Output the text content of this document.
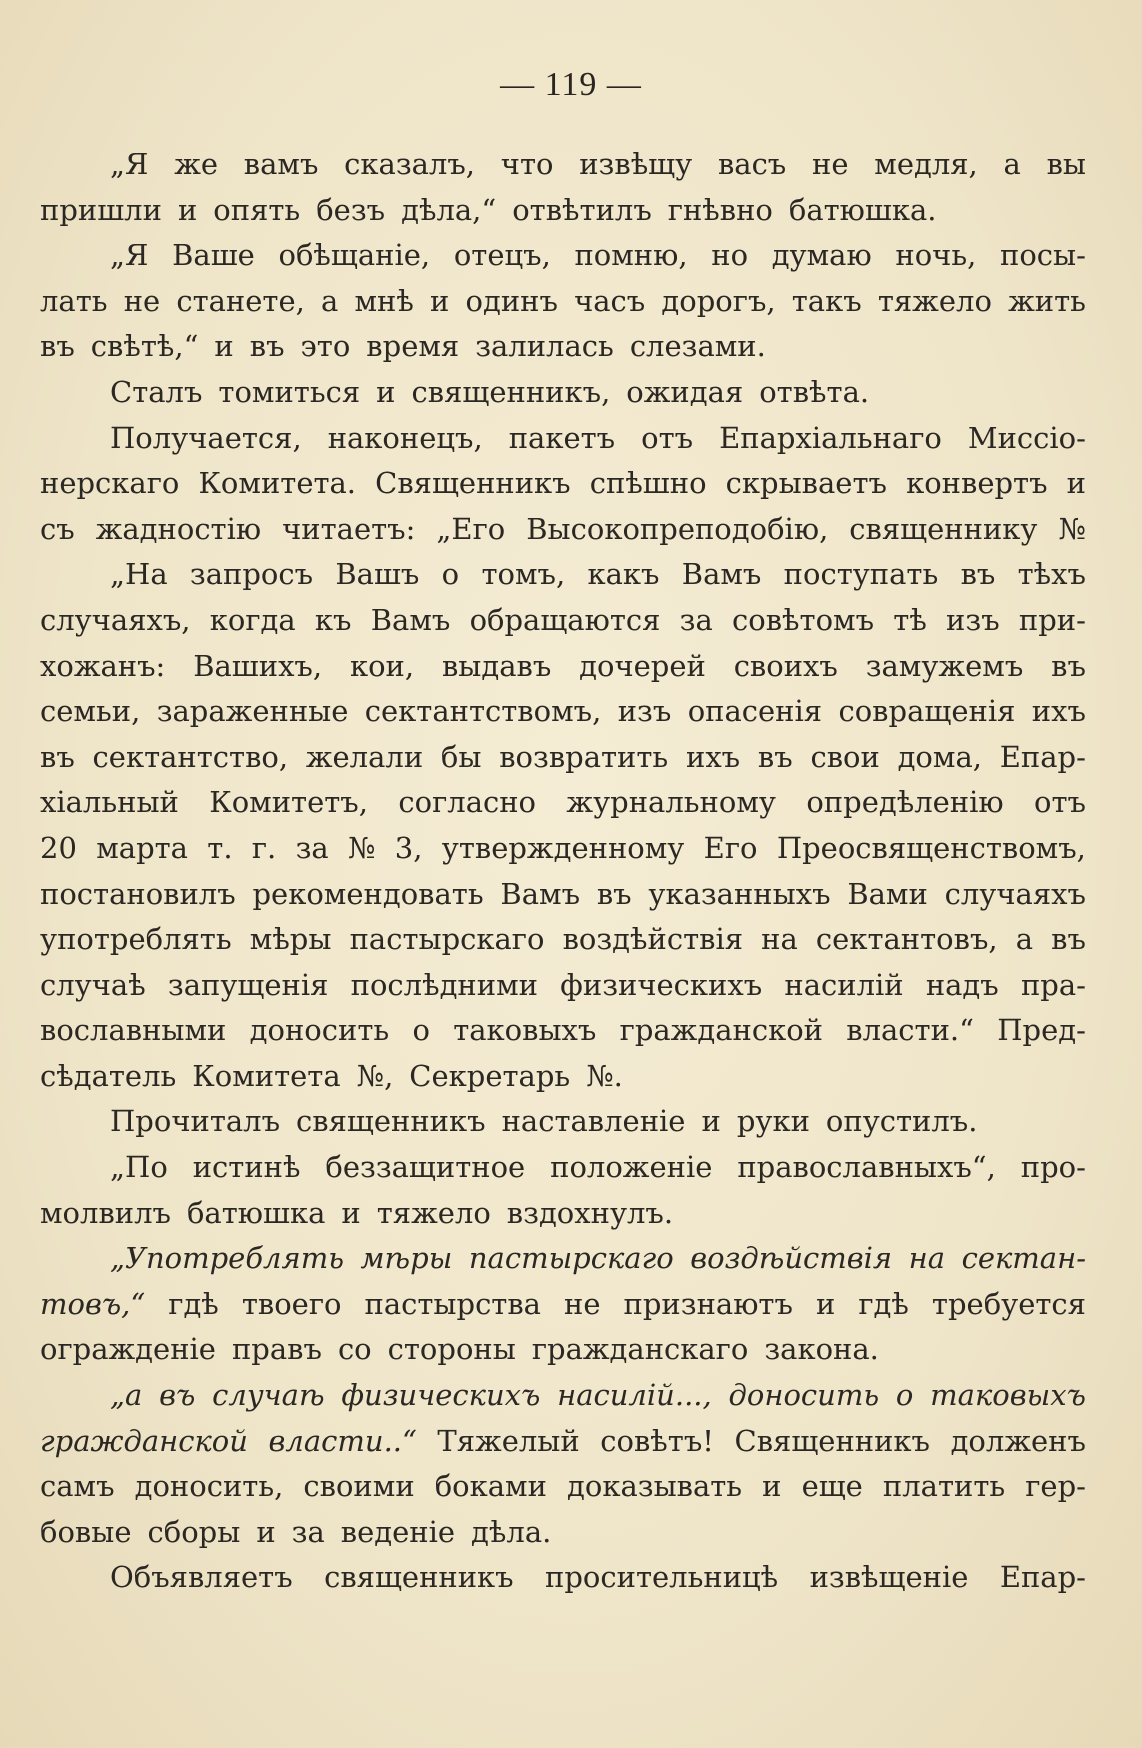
— 119 —
„Я же вамъ сказалъ, что извѣщу васъ не медля, а вы
пришли и опять безъ дѣла,“ отвѣтилъ гнѣвно батюшка.
„Я Ваше обѣщаніе, отецъ, помню, но думаю ночь, посы-
лать не станете, а мнѣ и одинъ часъ дорогъ, такъ тяжело жить
въ свѣтѣ,“ и въ это время залилась слезами.
Сталъ томиться и священникъ, ожидая отвѣта.
Получается, наконецъ, пакетъ отъ Епархіальнаго Миссіо-
нерскаго Комитета. Священникъ спѣшно скрываетъ конвертъ и
съ жадностію читаетъ: „Его Высокопреподобію, священнику №
„На запросъ Вашъ о томъ, какъ Вамъ поступать въ тѣхъ
случаяхъ, когда къ Вамъ обращаются за совѣтомъ тѣ изъ при-
хожанъ: Вашихъ, кои, выдавъ дочерей своихъ замужемъ въ
семьи, зараженные сектантствомъ, изъ опасенія совращенія ихъ
въ сектантство, желали бы возвратить ихъ въ свои дома, Епар-
хіальный Комитетъ, согласно журнальному опредѣленію отъ
20 марта т. г. за № 3, утвержденному Его Преосвященствомъ,
постановилъ рекомендовать Вамъ въ указанныхъ Вами случаяхъ
употреблять мѣры пастырскаго воздѣйствія на сектантовъ, а въ
случаѣ запущенія послѣдними физическихъ насилій надъ пра-
вославными доносить о таковыхъ гражданской власти.“ Пред-
сѣдатель Комитета №, Секретарь №.
Прочиталъ священникъ наставленіе и руки опустилъ.
„По истинѣ беззащитное положеніе православныхъ“, про-
молвилъ батюшка и тяжело вздохнулъ.
„Употреблять мѣры пастырскаго воздѣйствія на сектан-
товъ,“ гдѣ твоего пастырства не признаютъ и гдѣ требуется
огражденіе правъ со стороны гражданскаго закона.
„а въ случаѣ физическихъ насилій..., доносить о таковыхъ
гражданской власти..“ Тяжелый совѣтъ! Священникъ долженъ
самъ доносить, своими боками доказывать и еще платить гер-
бовые сборы и за веденіе дѣла.
Объявляетъ священникъ просительницѣ извѣщеніе Епар-
